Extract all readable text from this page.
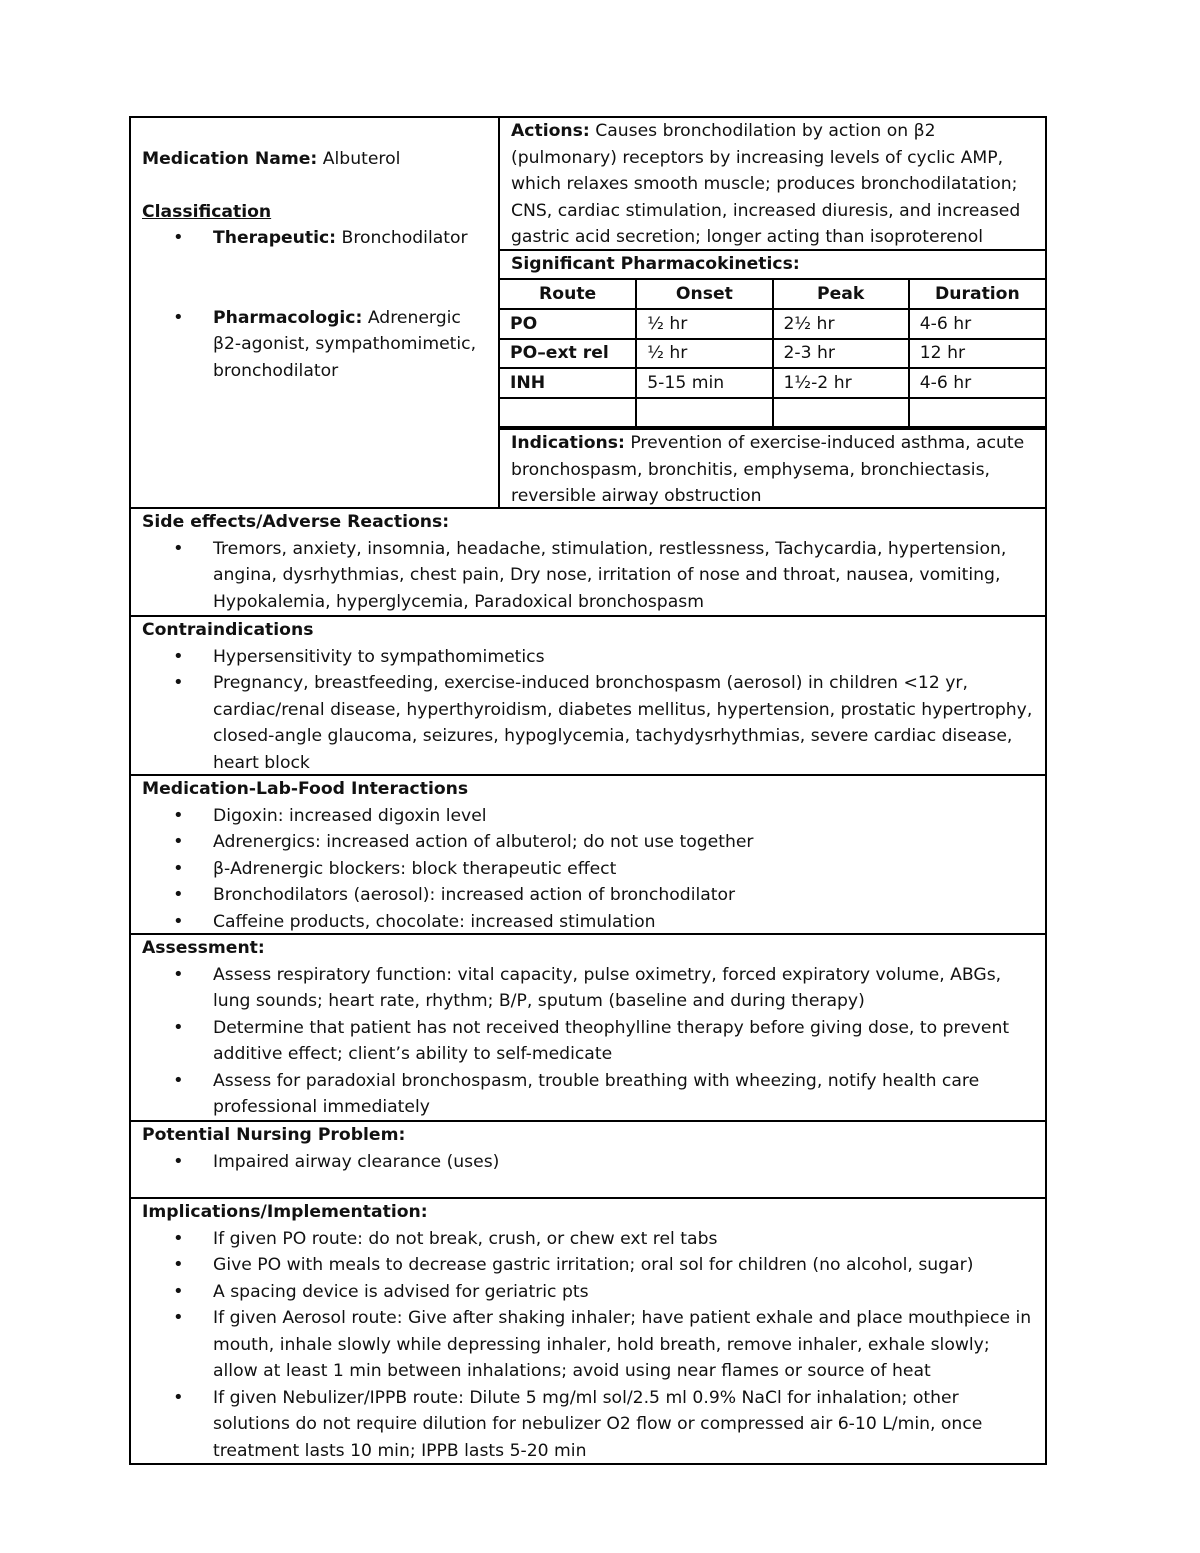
Medication Name: Albuterol
Classification
• Therapeutic: Bronchodilator
• Pharmacologic: Adrenergic β2-agonist, sympathomimetic, bronchodilator
Actions: Causes bronchodilation by action on β2 (pulmonary) receptors by increasing levels of cyclic AMP, which relaxes smooth muscle; produces bronchodilatation; CNS, cardiac stimulation, increased diuresis, and increased gastric acid secretion; longer acting than isoproterenol
Significant Pharmacokinetics:
Route	Onset	Peak	Duration
PO	½ hr	2½ hr	4-6 hr
PO–ext rel	½ hr	2-3 hr	12 hr
INH	5-15 min	1½-2 hr	4-6 hr

Indications: Prevention of exercise-induced asthma, acute bronchospasm, bronchitis, emphysema, bronchiectasis, reversible airway obstruction
Side effects/Adverse Reactions:
• Tremors, anxiety, insomnia, headache, stimulation, restlessness, Tachycardia, hypertension, angina, dysrhythmias, chest pain, Dry nose, irritation of nose and throat, nausea, vomiting, Hypokalemia, hyperglycemia, Paradoxical bronchospasm
Contraindications
• Hypersensitivity to sympathomimetics
• Pregnancy, breastfeeding, exercise-induced bronchospasm (aerosol) in children <12 yr, cardiac/renal disease, hyperthyroidism, diabetes mellitus, hypertension, prostatic hypertrophy, closed-angle glaucoma, seizures, hypoglycemia, tachydysrhythmias, severe cardiac disease, heart block
Medication-Lab-Food Interactions
• Digoxin: increased digoxin level
• Adrenergics: increased action of albuterol; do not use together
• β-Adrenergic blockers: block therapeutic effect
• Bronchodilators (aerosol): increased action of bronchodilator
• Caffeine products, chocolate: increased stimulation
Assessment:
• Assess respiratory function: vital capacity, pulse oximetry, forced expiratory volume, ABGs, lung sounds; heart rate, rhythm; B/P, sputum (baseline and during therapy)
• Determine that patient has not received theophylline therapy before giving dose, to prevent additive effect; client’s ability to self-medicate
• Assess for paradoxial bronchospasm, trouble breathing with wheezing, notify health care professional immediately
Potential Nursing Problem:
• Impaired airway clearance (uses)
Implications/Implementation:
• If given PO route: do not break, crush, or chew ext rel tabs
• Give PO with meals to decrease gastric irritation; oral sol for children (no alcohol, sugar)
• A spacing device is advised for geriatric pts
• If given Aerosol route: Give after shaking inhaler; have patient exhale and place mouthpiece in mouth, inhale slowly while depressing inhaler, hold breath, remove inhaler, exhale slowly; allow at least 1 min between inhalations; avoid using near flames or source of heat
• If given Nebulizer/IPPB route: Dilute 5 mg/ml sol/2.5 ml 0.9% NaCl for inhalation; other solutions do not require dilution for nebulizer O2 flow or compressed air 6-10 L/min, once treatment lasts 10 min; IPPB lasts 5-20 min
